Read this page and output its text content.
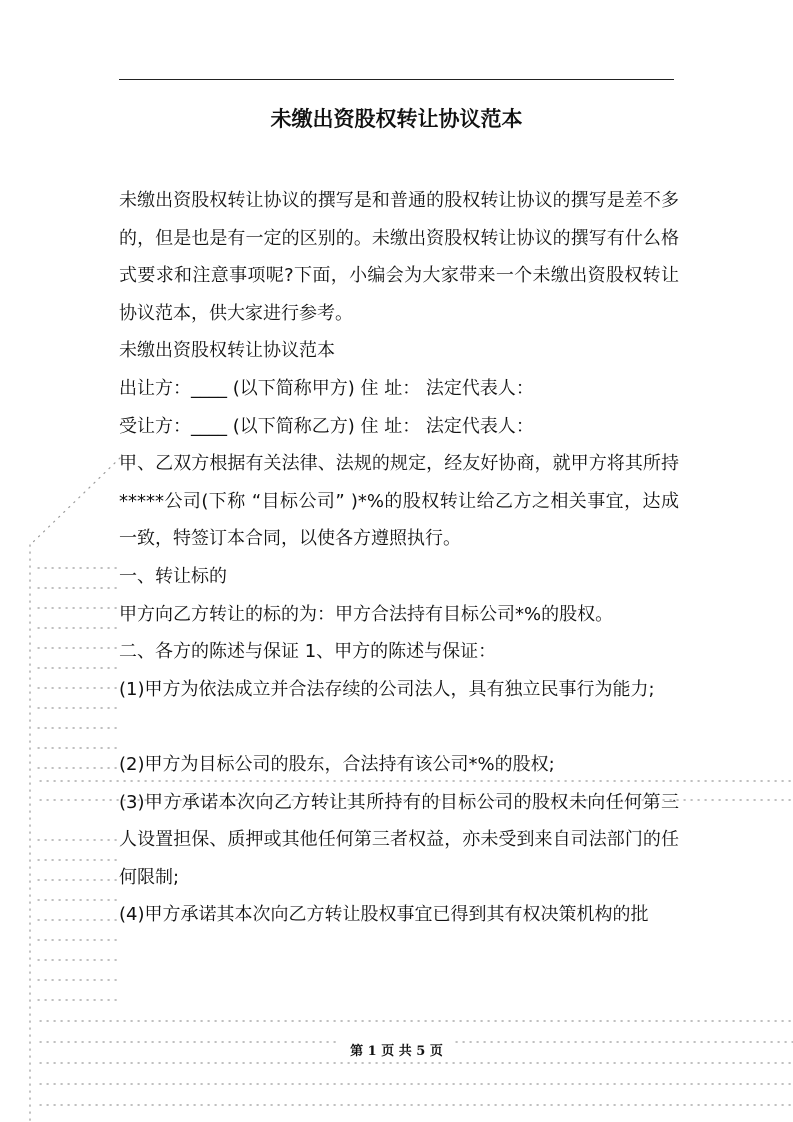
未缴出资股权转让协议范本

未缴出资股权转让协议的撰写是和普通的股权转让协议的撰写是差不多的，但是也是有一定的区别的。未缴出资股权转让协议的撰写有什么格式要求和注意事项呢?下面，小编会为大家带来一个未缴出资股权转让协议范本，供大家进行参考。

未缴出资股权转让协议范本

出让方：____ (以下简称甲方) 住 址： 法定代表人：

受让方：____ (以下简称乙方) 住 址： 法定代表人：

甲、乙双方根据有关法律、法规的规定，经友好协商，就甲方将其所持*****公司(下称 “目标公司” )*%的股权转让给乙方之相关事宜，达成一致，特签订本合同，以使各方遵照执行。

一、转让标的

甲方向乙方转让的标的为：甲方合法持有目标公司*%的股权。

二、各方的陈述与保证 1、甲方的陈述与保证：

(1)甲方为依法成立并合法存续的公司法人，具有独立民事行为能力;

(2)甲方为目标公司的股东，合法持有该公司*%的股权;

(3)甲方承诺本次向乙方转让其所持有的目标公司的股权未向任何第三人设置担保、质押或其他任何第三者权益，亦未受到来自司法部门的任何限制;

(4)甲方承诺其本次向乙方转让股权事宜已得到其有权决策机构的批

第 1 页 共 5 页
